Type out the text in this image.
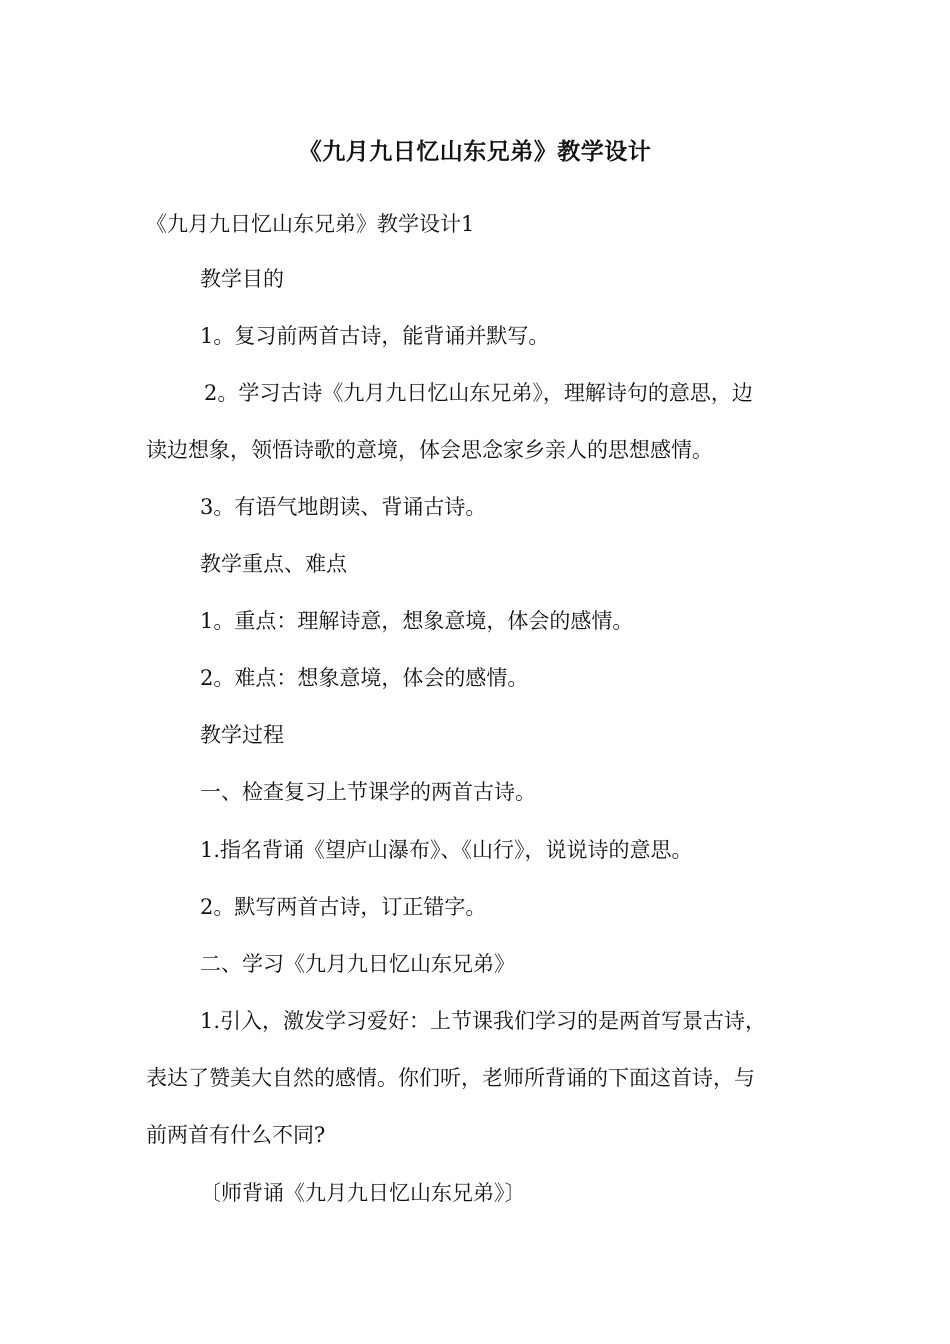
《九月九日忆山东兄弟》教学设计
《九月九日忆山东兄弟》教学设计1
教学目的
1。复习前两首古诗，能背诵并默写。
2。学习古诗《九月九日忆山东兄弟》，理解诗句的意思，边
读边想象，领悟诗歌的意境，体会思念家乡亲人的思想感情。
3。有语气地朗读、背诵古诗。
教学重点、难点
1。重点：理解诗意，想象意境，体会的感情。
2。难点：想象意境，体会的感情。
教学过程
一、检查复习上节课学的两首古诗。
1.指名背诵《望庐山瀑布》、《山行》，说说诗的意思。
2。默写两首古诗，订正错字。
二、学习《九月九日忆山东兄弟》
1.引入，激发学习爱好：上节课我们学习的是两首写景古诗，
表达了赞美大自然的感情。你们听，老师所背诵的下面这首诗，与
前两首有什么不同?
〔师背诵《九月九日忆山东兄弟》〕
